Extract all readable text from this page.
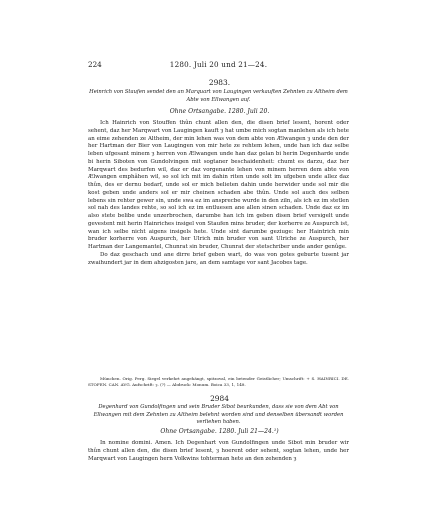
224	1280. Juli 20 und 21—24.
2983.
Heinrich von Staufen sendet den an Marquart von Laugingen verkauften Zehnten zu Altheim dem Abte von Ellwangen auf.
Ohne Ortsangabe. 1280. Juli 20.

Ich Hainrich von Stouffen thûn chunt allen den, die disen brief lesent, horent oder sehent, daz her Marqwart von Laugingen kauft ȝ hat umbe mich sogtan manlehen als ich hete an eime zehenden ze Altheim, der min lehen was von dem abte von Ælwangen ȝ unde den der her Hartman der Bier von Laugingen von mir hete ze rehtem lehen, unde han ich daz selbe leben ufgesant minem ȝ herren von Ælwangen unde han daz gelan bi herin Degenharde unde bi herin Siboten von Gundolvingen mit sogtaner beschaidenheit: chumt es darzu, daz her Marqwart des bedurfen wil, daz er daz vorgenante lehen von minem herren dem abte von Ælwangen emphâhen wil, so sol ich mit im dahin riten unde solt im ufgeben unde allez daz thûn, des er dernu bedarf, unde sol er mich belieten dahin unde herwider unde sol mir die kost geben unde anders sol er mir cheinen schaden abe thûn. Unde sol auch des selben lebens sin rehter gewer sin, unde swa ez im ansprecbe wurde in den ziln, als ich ez im stetlen sol nah des landes rehte, so sol ich ez im entluesen ane allen sinen schaden. Unde daz ez im also stete belibe unde unzerbrochen, darumbe han ich im geben disen brief versigelt unde gevestent mit herin Hainriches insigel von Staufen mins bruder, der korherre ze Auspurch ist, wan ich selbe nicht aigens insigels hete. Unde sint darumbe geziuge: her Haintrich min bruder korherre von Auspurch, her Ulrich min bruder von sant Ulriche ze Auspurch, her Hartman der Langemantel, Chunrat sin bruder, Chunrat der stetschriber unde ander genûge.

Do daz geschach und ane dirre brief geben wart, do was von gotes geburte tusent jar zwaihundert jar in dem ahzigosten jare, an dem samtage vor sant Jacobes tage.

München. Orig. Perg. Siegel verkehrt angehängt, spitzoval, ein betender Geistlicher; Umschrift: + S. HAINRICI. DE. STOFEN. CAN. AVG. Aufschrift: ȝ. (?) — Abdruck: Monum. Boica 33, 1, 148.

2984
Degenhard von Gundolfingen und sein Bruder Sibot beurkunden, dass sie von dem Abt von Ellwangen mit dem Zehnten zu Altheim belehnt worden sind und denselben übersandt worden verliehen haben.
Ohne Ortsangabe. 1280. Juli 21—24.¹)

In nomine domini. Amen. Ich Degenhart von Gundolfingen unde Sibot min bruder wir thûn chunt allen den, die disen brief lesent, ȝ hoerent oder sehent, sogtan lehen, unde her Marqwart von Laugingen hern Volkwins tohterman hete an den zehenden ȝ
